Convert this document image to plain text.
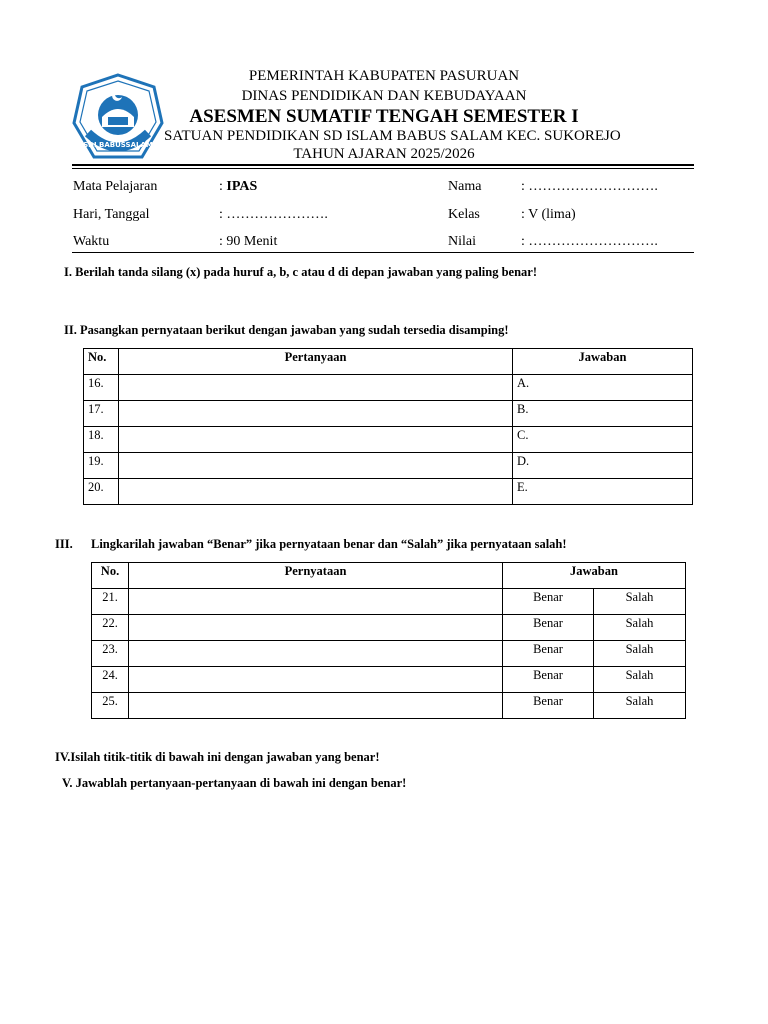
SDI BABUSSALAM
PEMERINTAH KABUPATEN PASURUAN
DINAS PENDIDIKAN DAN KEBUDAYAAN
ASESMEN SUMATIF TENGAH SEMESTER I
SATUAN PENDIDIKAN SD ISLAM BABUS SALAM KEC. SUKOREJO
TAHUN AJARAN 2025/2026
Mata Pelajaran	: IPAS
Hari, Tanggal	: ………………….
Waktu	: 90 Menit
Nama	: ……………………….
Kelas	: V (lima)
Nilai	: ……………………….
I. Berilah tanda silang (x) pada huruf a, b, c atau d di depan jawaban yang paling benar!
II. Pasangkan pernyataan berikut dengan jawaban yang sudah tersedia disamping!
No.	Pertanyaan	Jawaban
16.		A.
17.		B.
18.		C.
19.		D.
20.		E.
III. Lingkarilah jawaban “Benar” jika pernyataan benar dan “Salah” jika pernyataan salah!
No.	Pernyataan	Jawaban	
21.		Benar	Salah
22.		Benar	Salah
23.		Benar	Salah
24.		Benar	Salah
25.		Benar	Salah
IV.Isilah titik-titik di bawah ini dengan jawaban yang benar!
V. Jawablah pertanyaan-pertanyaan di bawah ini dengan benar!
